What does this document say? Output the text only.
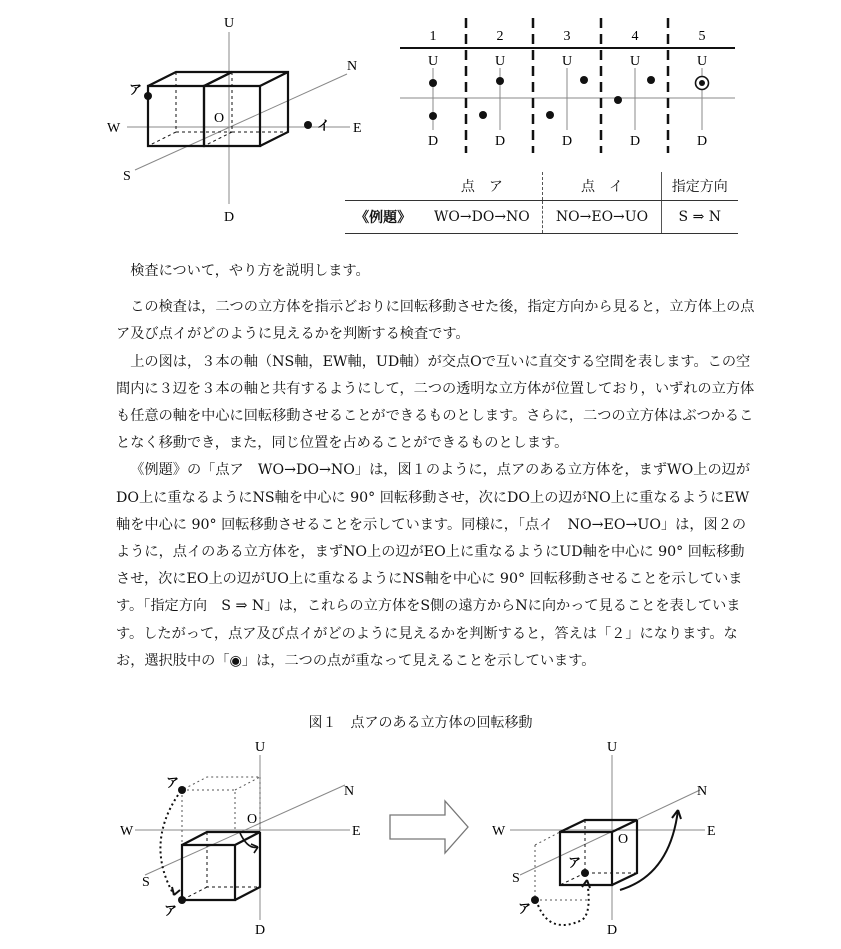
U
D
W	E
N
S
O
ア
イ
1	2	3	4	5
U	U	U	U	U
D	D	D	D	D
	点　ア	点　イ	指定方向
《例題》	WO→DO→NO	NO→EO→UO	S ⇒ N

検査について，やり方を説明します。

この検査は，二つの立方体を指示どおりに回転移動させた後，指定方向から見ると，立方体上の点ア及び点イがどのように見えるかを判断する検査です。

上の図は，３本の軸（NS軸，EW軸，UD軸）が交点Oで互いに直交する空間を表します。この空間内に３辺を３本の軸と共有するようにして，二つの透明な立方体が位置しており，いずれの立方体も任意の軸を中心に回転移動させることができるものとします。さらに，二つの立方体はぶつかることなく移動でき，また，同じ位置を占めることができるものとします。

《例題》の「点ア　WO→DO→NO」は，図１のように，点アのある立方体を，まずWO上の辺がDO上に重なるようにNS軸を中心に 90° 回転移動させ，次にDO上の辺がNO上に重なるようにEW軸を中心に 90° 回転移動させることを示しています。同様に，「点イ　NO→EO→UO」は，図２のように，点イのある立方体を，まずNO上の辺がEO上に重なるようにUD軸を中心に 90° 回転移動させ，次にEO上の辺がUO上に重なるようにNS軸を中心に 90° 回転移動させることを示しています。「指定方向　S ⇒ N」は，これらの立方体をS側の遠方からNに向かって見ることを表しています。したがって，点ア及び点イがどのように見えるかを判断すると，答えは「２」になります。なお，選択肢中の「◉」は，二つの点が重なって見えることを示しています。

図１　点アのある立方体の回転移動
U
D
W	E
N
S
O
ア
ア
U
D
W	E
N
S
O
ア
ア
